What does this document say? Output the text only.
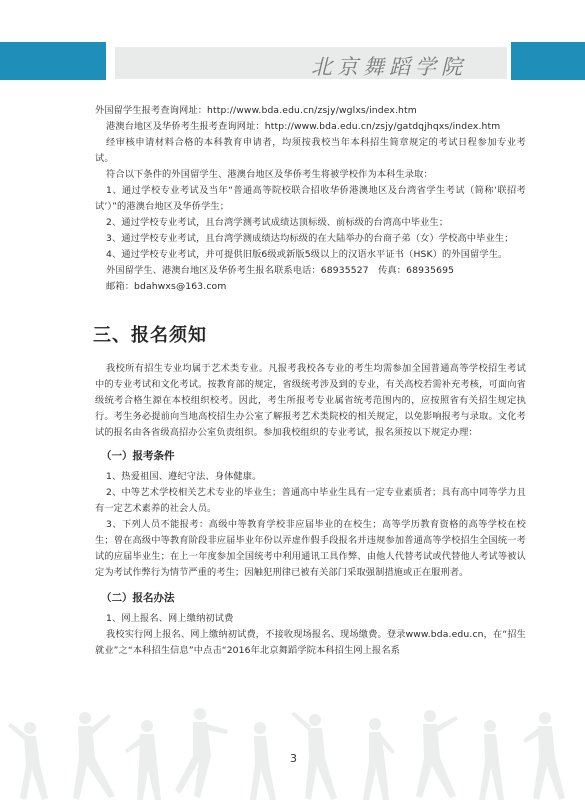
北京舞蹈学院

外国留学生报考查询网址：http://www.bda.edu.cn/zsjy/wglxs/index.htm

港澳台地区及华侨考生报考查询网址：http://www.bda.edu.cn/zsjy/gatdqjhqxs/index.htm

经审核申请材料合格的本科教育申请者，均须按我校当年本科招生简章规定的考试日程参加专业考试。

符合以下条件的外国留学生、港澳台地区及华侨考生将被学校作为本科生录取：

1、通过学校专业考试及当年“普通高等院校联合招收华侨港澳地区及台湾省学生考试（简称‘联招考试’）”的港澳台地区及华侨学生；

2、通过学校专业考试，且台湾学测考试成绩达顶标级、前标级的台湾高中毕业生；

3、通过学校专业考试，且台湾学测成绩达均标级的在大陆举办的台商子弟（女）学校高中毕业生；

4、通过学校专业考试，并可提供旧版6级或新版5级以上的汉语水平证书（HSK）的外国留学生。

外国留学生、港澳台地区及华侨考生报名联系电话：68935527　传真：68935695

邮箱：bdahwxs@163.com

三、报名须知

我校所有招生专业均属于艺术类专业。凡报考我校各专业的考生均需参加全国普通高等学校招生考试中的专业考试和文化考试。按教育部的规定，省级统考涉及到的专业，有关高校若需补充考核，可面向省级统考合格生源在本校组织校考。因此，考生所报考专业属省统考范围内的，应按照省有关招生规定执行。考生务必提前向当地高校招生办公室了解报考艺术类院校的相关规定，以免影响报考与录取。文化考试的报名由各省级高招办公室负责组织。参加我校组织的专业考试，报名须按以下规定办理：

（一）报考条件

1、热爱祖国、遵纪守法、身体健康。

2、中等艺术学校相关艺术专业的毕业生；普通高中毕业生具有一定专业素质者；具有高中同等学力且有一定艺术素养的社会人员。

3、下列人员不能报考：高级中等教育学校非应届毕业的在校生；高等学历教育资格的高等学校在校生；曾在高级中等教育阶段非应届毕业年份以弄虚作假手段报名并违规参加普通高等学校招生全国统一考试的应届毕业生；在上一年度参加全国统考中利用通讯工具作弊、由他人代替考试或代替他人考试等被认定为考试作弊行为情节严重的考生；因触犯刑律已被有关部门采取强制措施或正在服刑者。

（二）报名办法

1、网上报名、网上缴纳初试费

我校实行网上报名、网上缴纳初试费，不接收现场报名、现场缴费。登录www.bda.edu.cn，在“招生就业”之“本科招生信息”中点击“2016年北京舞蹈学院本科招生网上报名系

3
